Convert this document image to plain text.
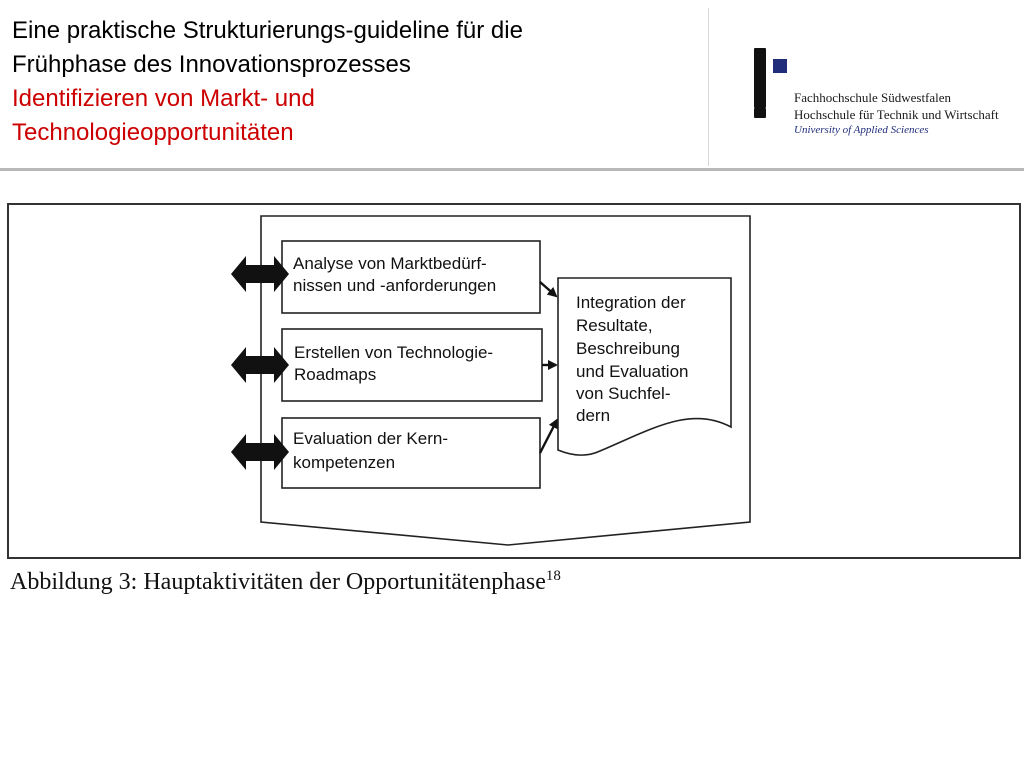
Eine praktische Strukturierungs-guideline für die
Frühphase des Innovationsprozesses
Identifizieren von Markt- und
Technologieopportunitäten
Fachhochschule Südwestfalen
Hochschule für Technik und Wirtschaft
University of Applied Sciences
Analyse von Marktbedürf-
nissen und -anforderungen
Erstellen von Technologie-
Roadmaps
Evaluation der Kern-
kompetenzen
Integration der
Resultate,
Beschreibung
und Evaluation
von Suchfel-
dern
Abbildung 3: Hauptaktivitäten der Opportunitätenphase$^{18}$
